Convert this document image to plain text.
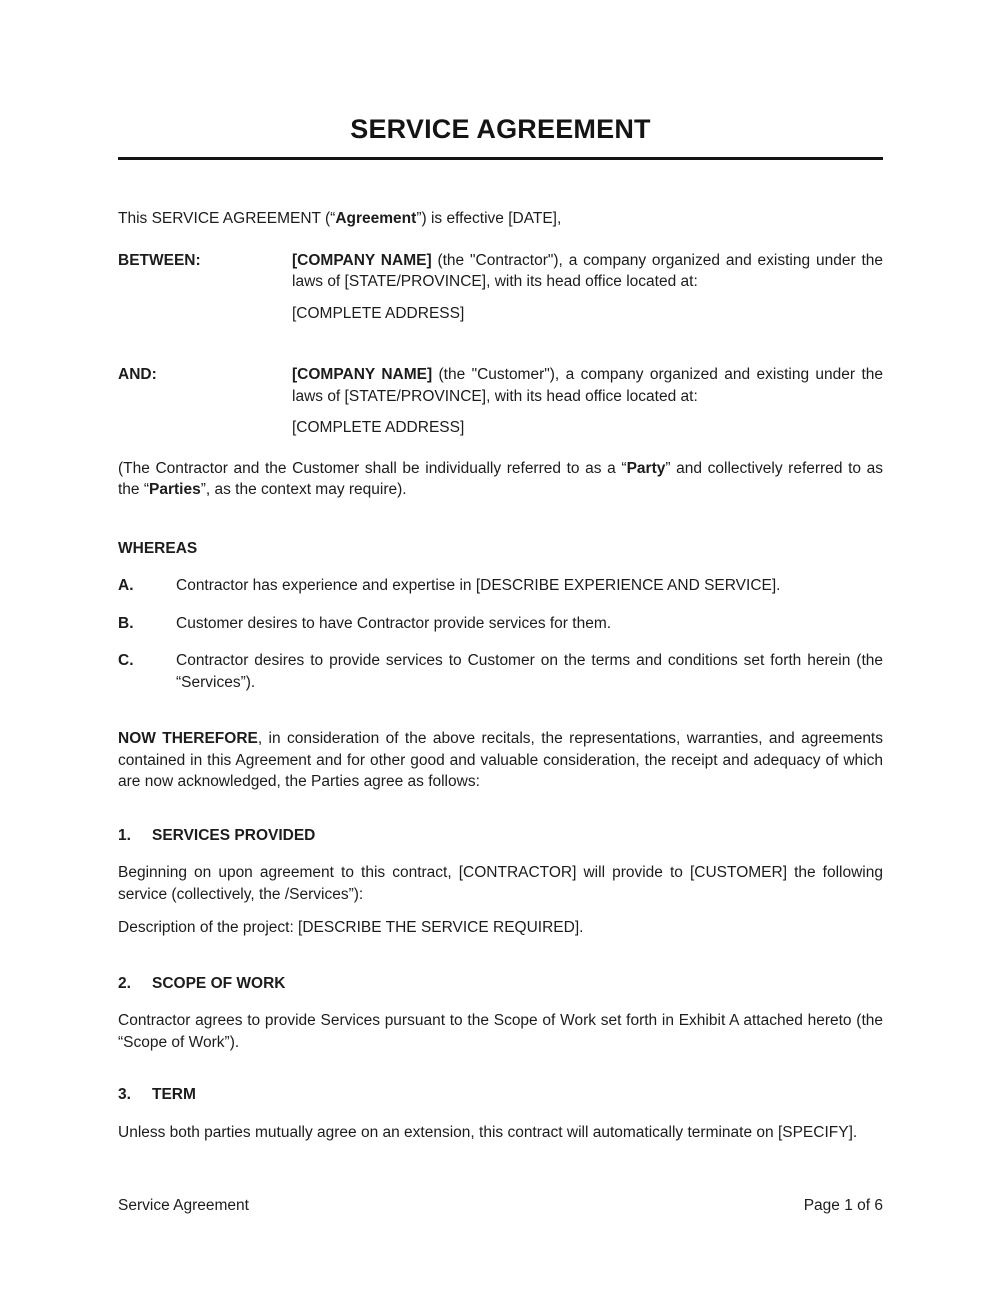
SERVICE AGREEMENT

This SERVICE AGREEMENT (“Agreement”) is effective [DATE],

BETWEEN:	[COMPANY NAME] (the "Contractor"), a company organized and existing under the laws of [STATE/PROVINCE], with its head office located at:

[COMPLETE ADDRESS]

AND:	[COMPANY NAME] (the "Customer"), a company organized and existing under the laws of [STATE/PROVINCE], with its head office located at:

[COMPLETE ADDRESS]

(The Contractor and the Customer shall be individually referred to as a “Party” and collectively referred to as the “Parties”, as the context may require).

WHEREAS
A.	Contractor has experience and expertise in [DESCRIBE EXPERIENCE AND SERVICE].
B.	Customer desires to have Contractor provide services for them.
C.	Contractor desires to provide services to Customer on the terms and conditions set forth herein (the “Services”).

NOW THEREFORE, in consideration of the above recitals, the representations, warranties, and agreements contained in this Agreement and for other good and valuable consideration, the receipt and adequacy of which are now acknowledged, the Parties agree as follows:

1.	SERVICES PROVIDED

Beginning on upon agreement to this contract, [CONTRACTOR] will provide to [CUSTOMER] the following service (collectively, the /Services”):

Description of the project: [DESCRIBE THE SERVICE REQUIRED].

2.	SCOPE OF WORK

Contractor agrees to provide Services pursuant to the Scope of Work set forth in Exhibit A attached hereto (the “Scope of Work”).

3.	TERM

Unless both parties mutually agree on an extension, this contract will automatically terminate on [SPECIFY].

Service Agreement	Page 1 of 6
